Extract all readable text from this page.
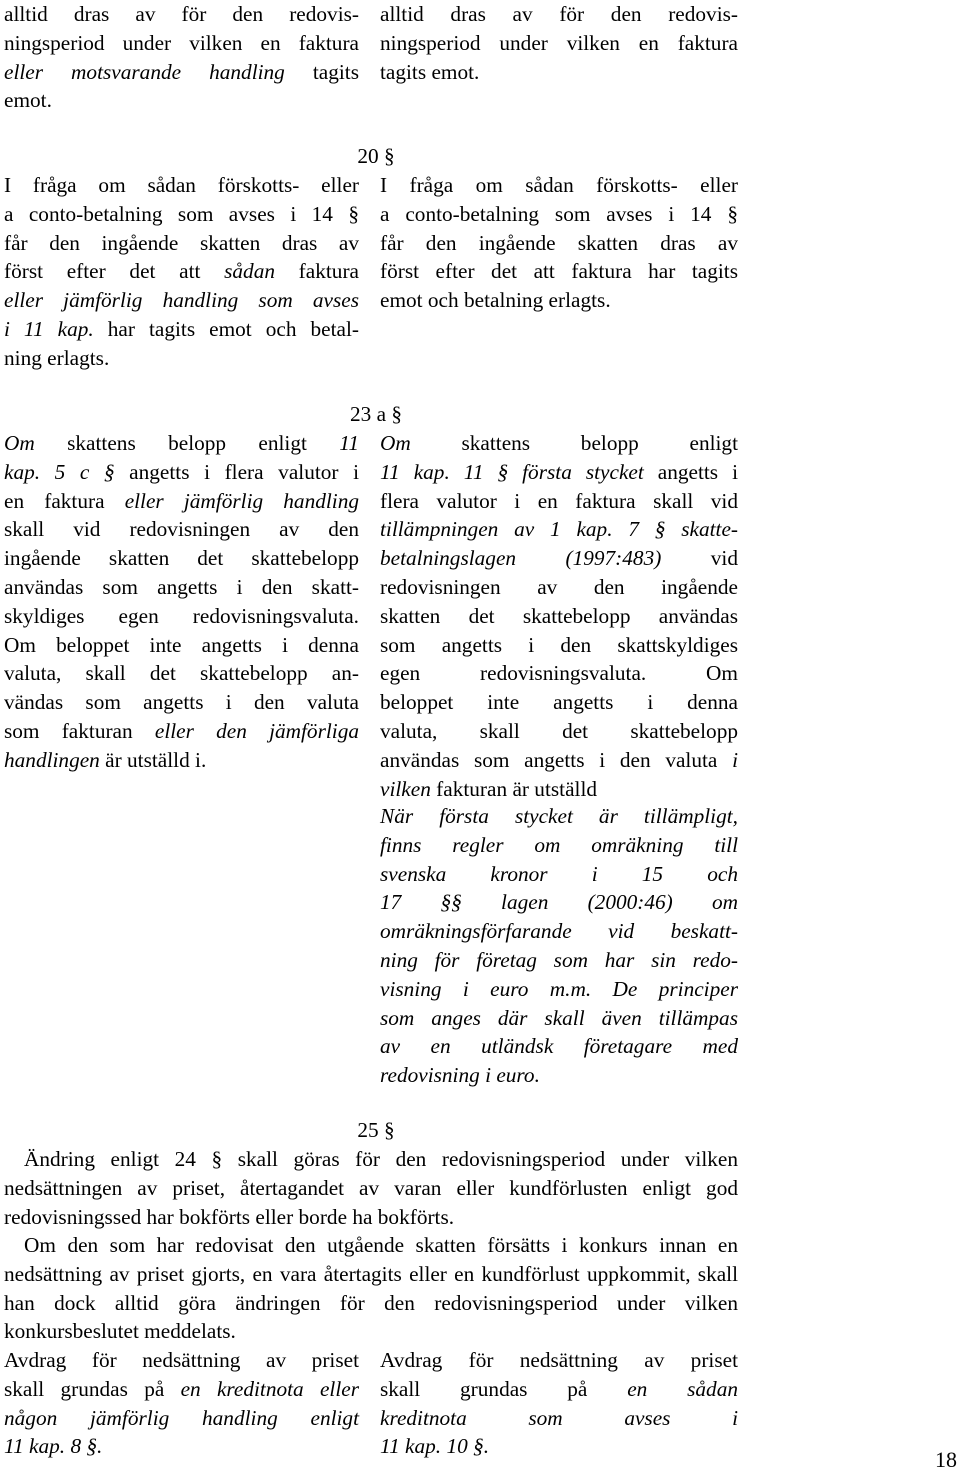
alltid dras av för den redovis-
ningsperiod under vilken en faktura
eller motsvarande handling tagits
emot.
alltid dras av för den redovis-
ningsperiod under vilken en faktura
tagits emot.
20 §
I fråga om sådan förskotts- eller
a conto-betalning som avses i 14 §
får den ingående skatten dras av
först efter det att sådan faktura
eller jämförlig handling som avses
i 11 kap. har tagits emot och betal-
ning erlagts.
I fråga om sådan förskotts- eller
a conto-betalning som avses i 14 §
får den ingående skatten dras av
först efter det att faktura har tagits
emot och betalning erlagts.
23 a §
Om skattens belopp enligt 11
kap. 5 c § angetts i flera valutor i
en faktura eller jämförlig handling
skall vid redovisningen av den
ingående skatten det skattebelopp
användas som angetts i den skatt-
skyldiges egen redovisningsvaluta.
Om beloppet inte angetts i denna
valuta, skall det skattebelopp an-
vändas som angetts i den valuta
som fakturan eller den jämförliga
handlingen är utställd i.
Om skattens belopp enligt
11 kap. 11 § första stycket angetts i
flera valutor i en faktura skall vid
tillämpningen av 1 kap. 7 § skatte-
betalningslagen (1997:483) vid
redovisningen av den ingående
skatten det skattebelopp användas
som angetts i den skattskyldiges
egen redovisningsvaluta. Om
beloppet inte angetts i denna
valuta, skall det skattebelopp
användas som angetts i den valuta i
vilken fakturan är utställd
När första stycket är tillämpligt,
finns regler om omräkning till
svenska kronor i 15 och
17 §§ lagen (2000:46) om
omräkningsförfarande vid beskatt-
ning för företag som har sin redo-
visning i euro m.m. De principer
som anges där skall även tillämpas
av en utländsk företagare med
redovisning i euro.
25 §

Ändring enligt 24 § skall göras för den redovisningsperiod under vilken nedsättningen av priset, återtagandet av varan eller kundförlusten enligt god redovisningssed har bokförts eller borde ha bokförts.

Om den som har redovisat den utgående skatten försätts i konkurs innan en nedsättning av priset gjorts, en vara återtagits eller en kundförlust uppkommit, skall han dock alltid göra ändringen för den redovisningsperiod under vilken konkursbeslutet meddelats.

Avdrag för nedsättning av priset
skall grundas på en kreditnota eller
någon jämförlig handling enligt
11 kap. 8 §.
Avdrag för nedsättning av priset
skall grundas på en sådan
kreditnota som avses i
11 kap. 10 §.
18
